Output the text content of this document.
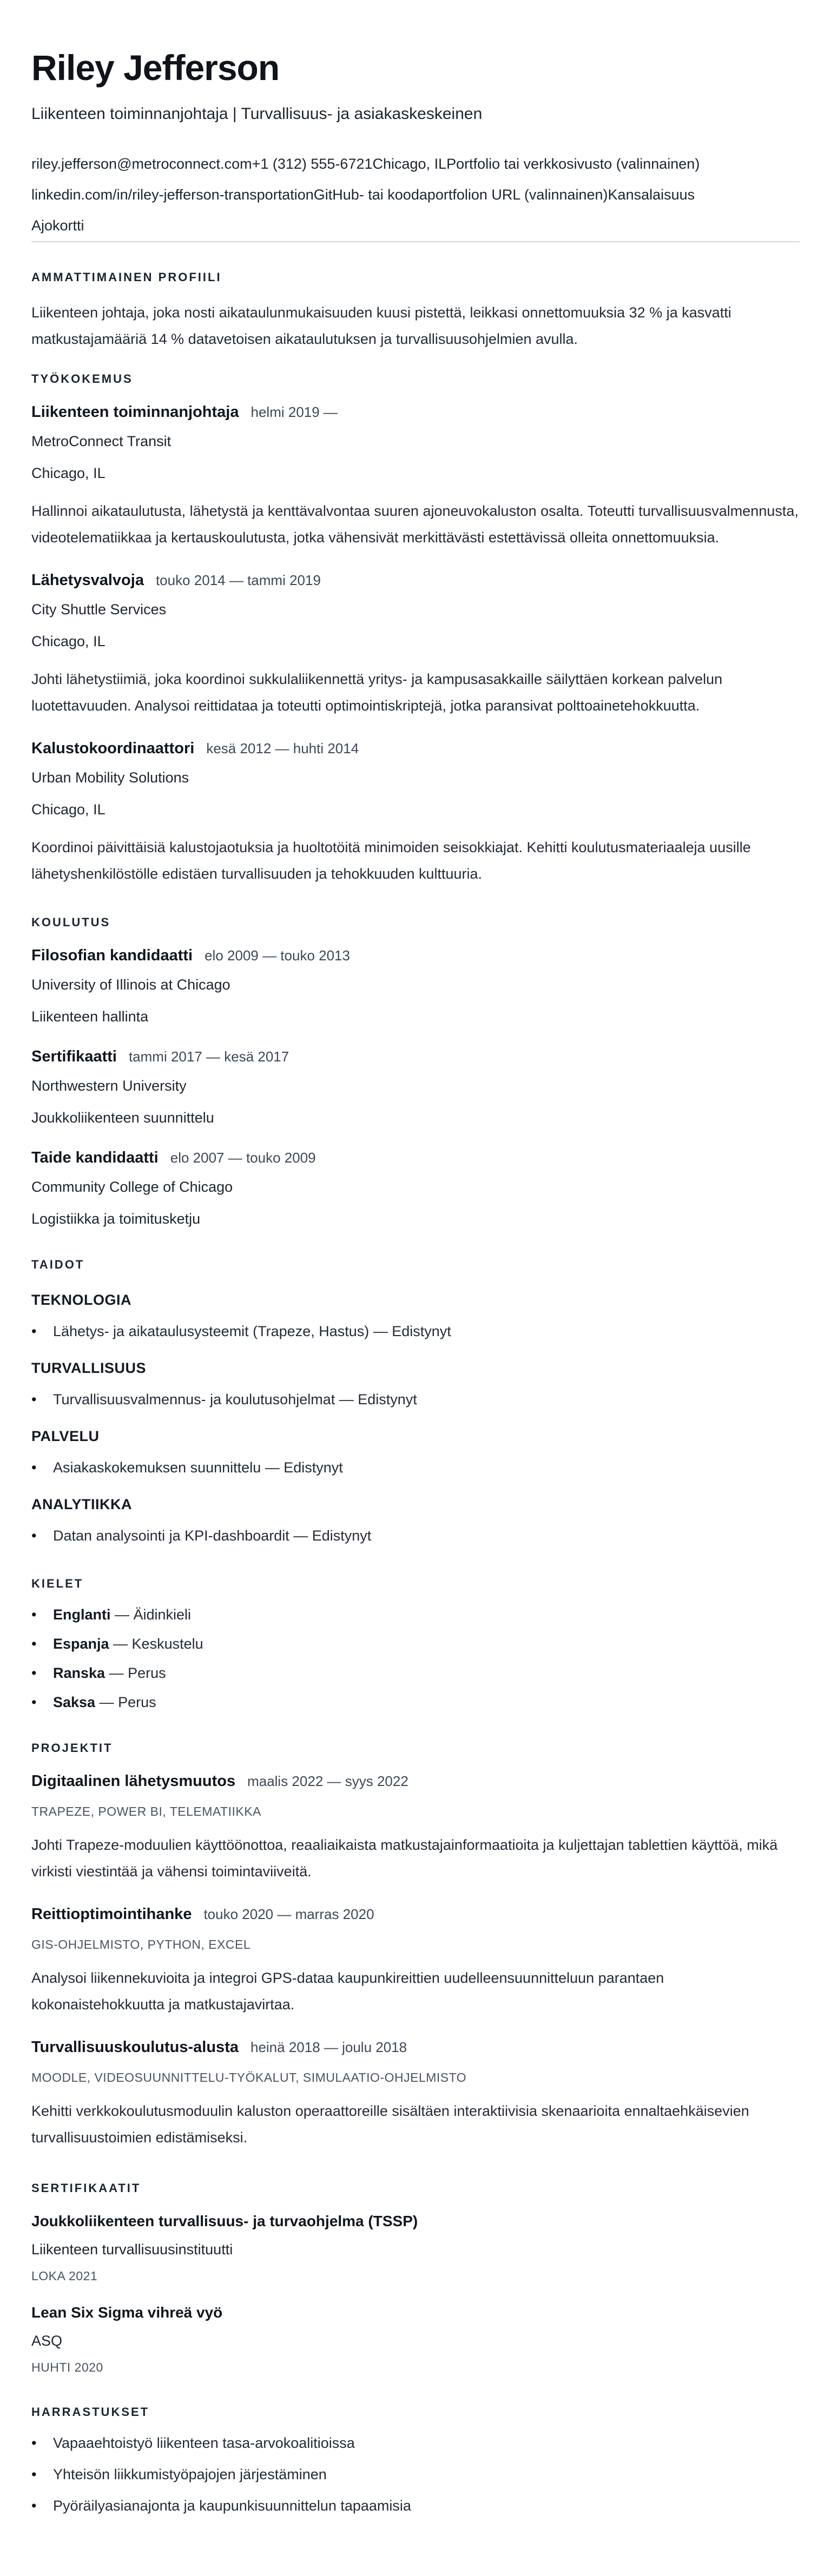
Riley Jefferson
Liikenteen toiminnanjohtaja | Turvallisuus- ja asiakaskeskeinen
riley.jefferson@metroconnect.com+1 (312) 555-6721Chicago, ILPortfolio tai verkkosivusto (valinnainen)
linkedin.com/in/riley-jefferson-transportationGitHub- tai koodaportfolion URL (valinnainen)Kansalaisuus
Ajokortti
AMMATTIMAINEN PROFIILI

Liikenteen johtaja, joka nosti aikataulunmukaisuuden kuusi pistettä, leikkasi onnettomuuksia 32 % ja kasvatti matkustajamääriä 14 % datavetoisen aikataulutuksen ja turvallisuusohjelmien avulla.

TYÖKOKEMUS
Liikenteen toiminnanjohtaja helmi 2019 —
MetroConnect Transit
Chicago, IL

Hallinnoi aikataulutusta, lähetystä ja kenttävalvontaa suuren ajoneuvokaluston osalta. Toteutti turvallisuusvalmennusta, videotelematiikkaa ja kertauskoulutusta, jotka vähensivät merkittävästi estettävissä olleita onnettomuuksia.

Lähetysvalvoja touko 2014 — tammi 2019
City Shuttle Services
Chicago, IL

Johti lähetystiimiä, joka koordinoi sukkulaliikennettä yritys- ja kampusasakkaille säilyttäen korkean palvelun luotettavuuden. Analysoi reittidataa ja toteutti optimointiskriptejä, jotka paransivat polttoainetehokkuutta.

Kalustokoordinaattori kesä 2012 — huhti 2014
Urban Mobility Solutions
Chicago, IL

Koordinoi päivittäisiä kalustojaotuksia ja huoltotöitä minimoiden seisokkiajat. Kehitti koulutusmateriaaleja uusille lähetyshenkilöstölle edistäen turvallisuuden ja tehokkuuden kulttuuria.

KOULUTUS
Filosofian kandidaatti elo 2009 — touko 2013
University of Illinois at Chicago
Liikenteen hallinta
Sertifikaatti tammi 2017 — kesä 2017
Northwestern University
Joukkoliikenteen suunnittelu
Taide kandidaatti elo 2007 — touko 2009
Community College of Chicago
Logistiikka ja toimitusketju
TAIDOT
TEKNOLOGIA
•	Lähetys- ja aikataulusysteemit (Trapeze, Hastus) — Edistynyt
TURVALLISUUS
•	Turvallisuusvalmennus- ja koulutusohjelmat — Edistynyt
PALVELU
•	Asiakaskokemuksen suunnittelu — Edistynyt
ANALYTIIKKA
•	Datan analysointi ja KPI-dashboardit — Edistynyt
KIELET
•	Englanti — Äidinkieli
•	Espanja — Keskustelu
•	Ranska — Perus
•	Saksa — Perus
PROJEKTIT
Digitaalinen lähetysmuutos maalis 2022 — syys 2022
TRAPEZE, POWER BI, TELEMATIIKKA

Johti Trapeze-moduulien käyttöönottoa, reaaliaikaista matkustajainformaatioita ja kuljettajan tablettien käyttöä, mikä virkisti viestintää ja vähensi toimintaviiveitä.

Reittioptimointihanke touko 2020 — marras 2020
GIS-OHJELMISTO, PYTHON, EXCEL

Analysoi liikennekuvioita ja integroi GPS-dataa kaupunkireittien uudelleensuunnitteluun parantaen kokonaistehokkuutta ja matkustajavirtaa.

Turvallisuuskoulutus-alusta heinä 2018 — joulu 2018
MOODLE, VIDEOSUUNNITTELU-TYÖKALUT, SIMULAATIO-OHJELMISTO

Kehitti verkkokoulutusmoduulin kaluston operaattoreille sisältäen interaktiivisia skenaarioita ennaltaehkäisevien turvallisuustoimien edistämiseksi.

SERTIFIKAATIT
Joukkoliikenteen turvallisuus- ja turvaohjelma (TSSP)
Liikenteen turvallisuusinstituutti
LOKA 2021
Lean Six Sigma vihreä vyö
ASQ
HUHTI 2020
HARRASTUKSET
•	Vapaaehtoistyö liikenteen tasa-arvokoalitioissa
•	Yhteisön liikkumistyöpajojen järjestäminen
•	Pyöräilyasianajonta ja kaupunkisuunnittelun tapaamisia
